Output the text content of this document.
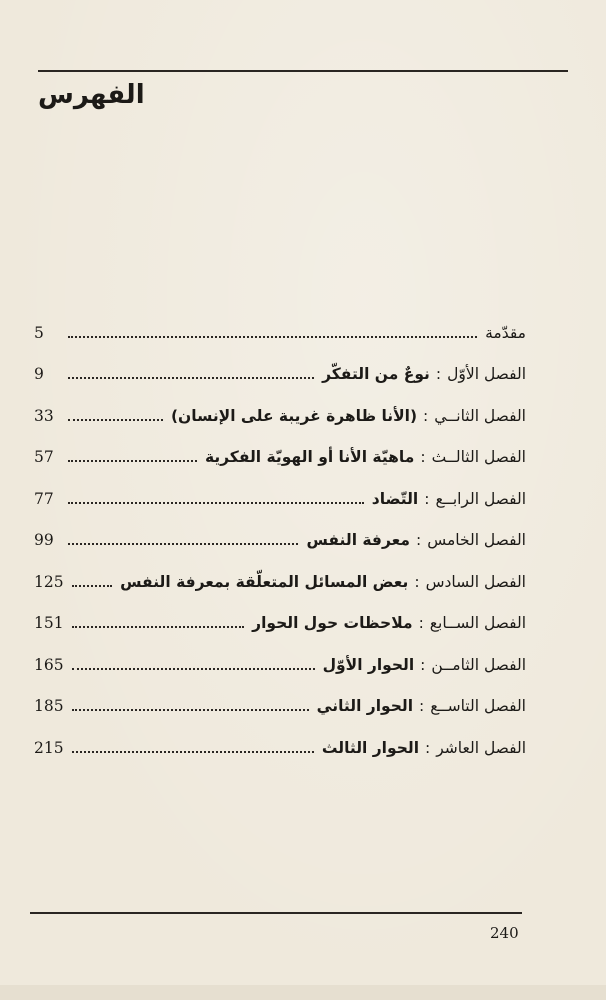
الفهرس
مقدّمة
5
الفصل الأوّل
:
نوعٌ من التفكّر
9
الفصل الثانــي
:
(الأنا ظاهرة غريبة على الإنسان)
33
الفصل الثالــث
:
ماهيّة الأنا أو الهويّة الفكرية
57
الفصل الرابــع
:
التّضاد
77
الفصل الخامس
:
معرفة النفس
99
الفصل السادس
:
بعض المسائل المتعلّقة بمعرفة النفس
125
الفصل الســابع
:
ملاحظات حول الحوار
151
الفصل الثامــن
:
الحوار الأوّل
165
الفصل التاســع
:
الحوار الثاني
185
الفصل العاشر
:
الحوار الثالث
215
240
